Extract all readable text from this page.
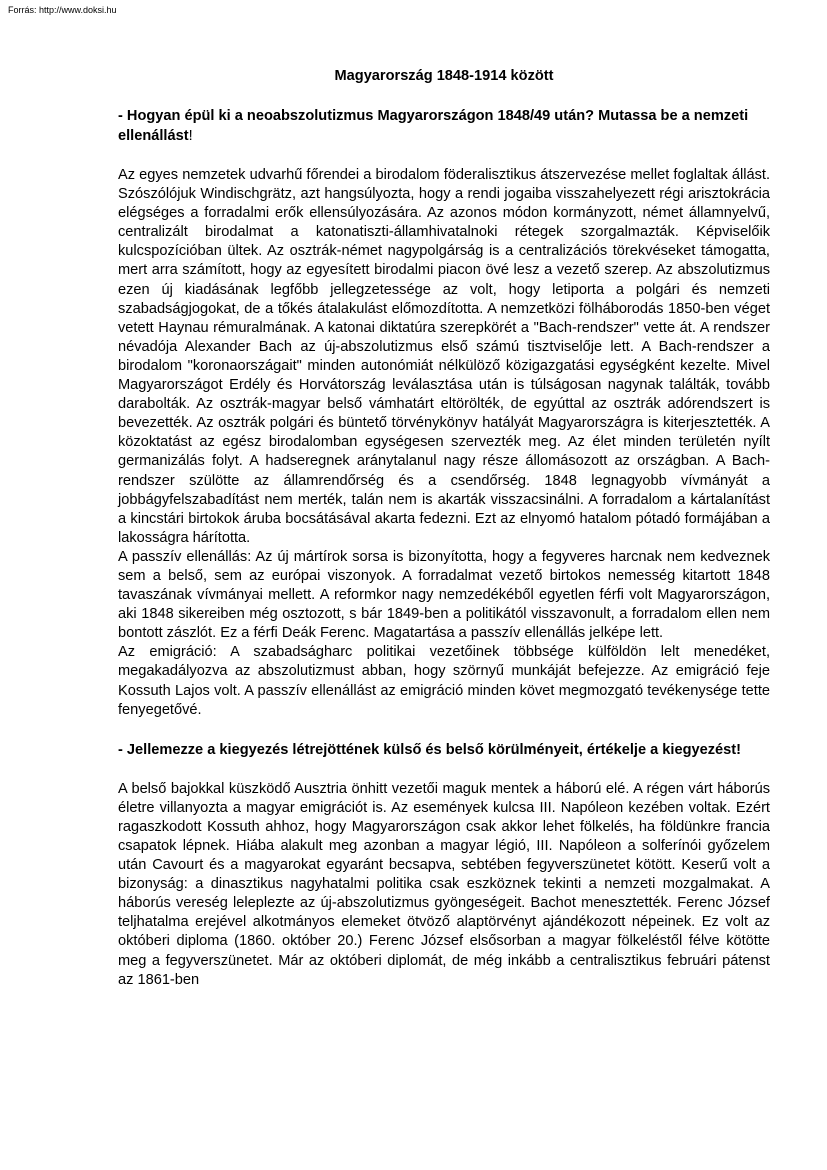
Forrás: http://www.doksi.hu
Magyarország 1848-1914 között
- Hogyan épül ki a neoabszolutizmus Magyarországon 1848/49 után? Mutassa be a nemzeti ellenállást!

Az egyes nemzetek udvarhű főrendei a birodalom föderalisztikus átszervezése mellet foglaltak állást. Szószólójuk Windischgrätz, azt hangsúlyozta, hogy a rendi jogaiba visszahelyezett régi arisztokrácia elégséges a forradalmi erők ellensúlyozására. Az azonos módon kormányzott, német államnyelvű, centralizált birodalmat a katonatiszti-államhivatalnoki rétegek szorgalmazták. Képviselőik kulcspozícióban ültek. Az osztrák-német nagypolgárság is a centralizációs törekvéseket támogatta, mert arra számított, hogy az egyesített birodalmi piacon övé lesz a vezető szerep. Az abszolutizmus ezen új kiadásának legfőbb jellegzetessége az volt, hogy letiporta a polgári és nemzeti szabadságjogokat, de a tőkés átalakulást előmozdította. A nemzetközi fölháborodás 1850-ben véget vetett Haynau rémuralmának. A katonai diktatúra szerepkörét a "Bach-rendszer" vette át. A rendszer névadója Alexander Bach az új-abszolutizmus első számú tisztviselője lett. A Bach-rendszer a birodalom "koronaországait" minden autonómiát nélkülöző közigazgatási egységként kezelte. Mivel Magyarországot Erdély és Horvátország leválasztása után is túlságosan nagynak találták, tovább darabolták. Az osztrák-magyar belső vámhatárt eltörölték, de egyúttal az osztrák adórendszert is bevezették. Az osztrák polgári és büntető törvénykönyv hatályát Magyarországra is kiterjesztették. A közoktatást az egész birodalomban egységesen szervezték meg. Az élet minden területén nyílt germanizálás folyt. A hadseregnek aránytalanul nagy része állomásozott az országban. A Bach-rendszer szülötte az államrendőrség és a csendőrség. 1848 legnagyobb vívmányát a jobbágyfelszabadítást nem merték, talán nem is akarták visszacsinálni. A forradalom a kártalanítást a kincstári birtokok áruba bocsátásával akarta fedezni. Ezt az elnyomó hatalom pótadó formájában a lakosságra hárította.

A passzív ellenállás: Az új mártírok sorsa is bizonyította, hogy a fegyveres harcnak nem kedveznek sem a belső, sem az európai viszonyok. A forradalmat vezető birtokos nemesség kitartott 1848 tavaszának vívmányai mellett. A reformkor nagy nemzedékéből egyetlen férfi volt Magyarországon, aki 1848 sikereiben még osztozott, s bár 1849-ben a politikától visszavonult, a forradalom ellen nem bontott zászlót. Ez a férfi Deák Ferenc. Magatartása a passzív ellenállás jelképe lett.

Az emigráció: A szabadságharc politikai vezetőinek többsége külföldön lelt menedéket, megakadályozva az abszolutizmust abban, hogy szörnyű munkáját befejezze. Az emigráció feje Kossuth Lajos volt. A passzív ellenállást az emigráció minden követ megmozgató tevékenysége tette fenyegetővé.

- Jellemezze a kiegyezés létrejöttének külső és belső körülményeit, értékelje a kiegyezést!

A belső bajokkal küszködő Ausztria önhitt vezetői maguk mentek a háború elé. A régen várt háborús életre villanyozta a magyar emigrációt is. Az események kulcsa III. Napóleon kezében voltak. Ezért ragaszkodott Kossuth ahhoz, hogy Magyarországon csak akkor lehet fölkelés, ha földünkre francia csapatok lépnek. Hiába alakult meg azonban a magyar légió, III. Napóleon a solferínói győzelem után Cavourt és a magyarokat egyaránt becsapva, sebtében fegyverszünetet kötött. Keserű volt a bizonyság: a dinasztikus nagyhatalmi politika csak eszköznek tekinti a nemzeti mozgalmakat. A háborús vereség leleplezte az új-abszolutizmus gyöngeségeit. Bachot menesztették. Ferenc József teljhatalma erejével alkotmányos elemeket ötvöző alaptörvényt ajándékozott népeinek. Ez volt az októberi diploma (1860. október 20.) Ferenc József elsősorban a magyar fölkeléstől félve kötötte meg a fegyverszünetet. Már az októberi diplomát, de még inkább a centralisztikus februári pátenst az 1861-ben
